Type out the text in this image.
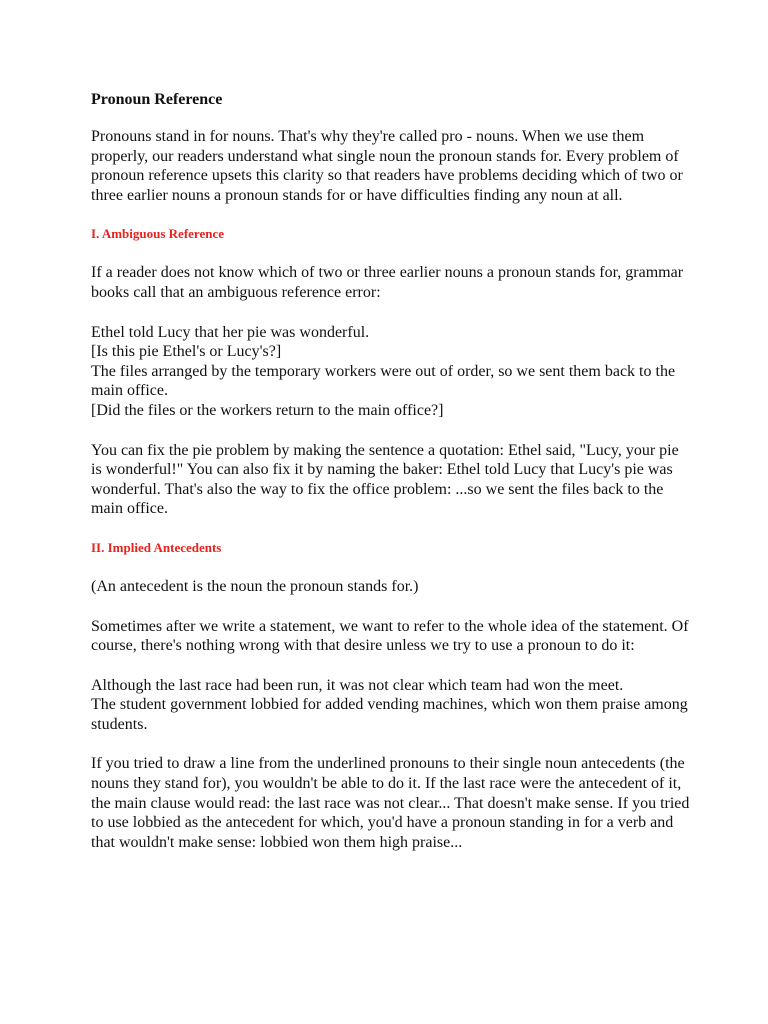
Pronoun Reference

Pronouns stand in for nouns. That's why they're called pro - nouns. When we use them properly, our readers understand what single noun the pronoun stands for. Every problem of pronoun reference upsets this clarity so that readers have problems deciding which of two or three earlier nouns a pronoun stands for or have difficulties finding any noun at all.

I. Ambiguous Reference

If a reader does not know which of two or three earlier nouns a pronoun stands for, grammar books call that an ambiguous reference error:

Ethel told Lucy that her pie was wonderful.
[Is this pie Ethel's or Lucy's?]
The files arranged by the temporary workers were out of order, so we sent them back to the main office.
[Did the files or the workers return to the main office?]

You can fix the pie problem by making the sentence a quotation: Ethel said, "Lucy, your pie is wonderful!" You can also fix it by naming the baker: Ethel told Lucy that Lucy's pie was wonderful. That's also the way to fix the office problem: ...so we sent the files back to the main office.

II. Implied Antecedents

(An antecedent is the noun the pronoun stands for.)

Sometimes after we write a statement, we want to refer to the whole idea of the statement. Of course, there's nothing wrong with that desire unless we try to use a pronoun to do it:

Although the last race had been run, it was not clear which team had won the meet.
The student government lobbied for added vending machines, which won them praise among students.

If you tried to draw a line from the underlined pronouns to their single noun antecedents (the nouns they stand for), you wouldn't be able to do it. If the last race were the antecedent of it, the main clause would read: the last race was not clear... That doesn't make sense. If you tried to use lobbied as the antecedent for which, you'd have a pronoun standing in for a verb and that wouldn't make sense: lobbied won them high praise...
